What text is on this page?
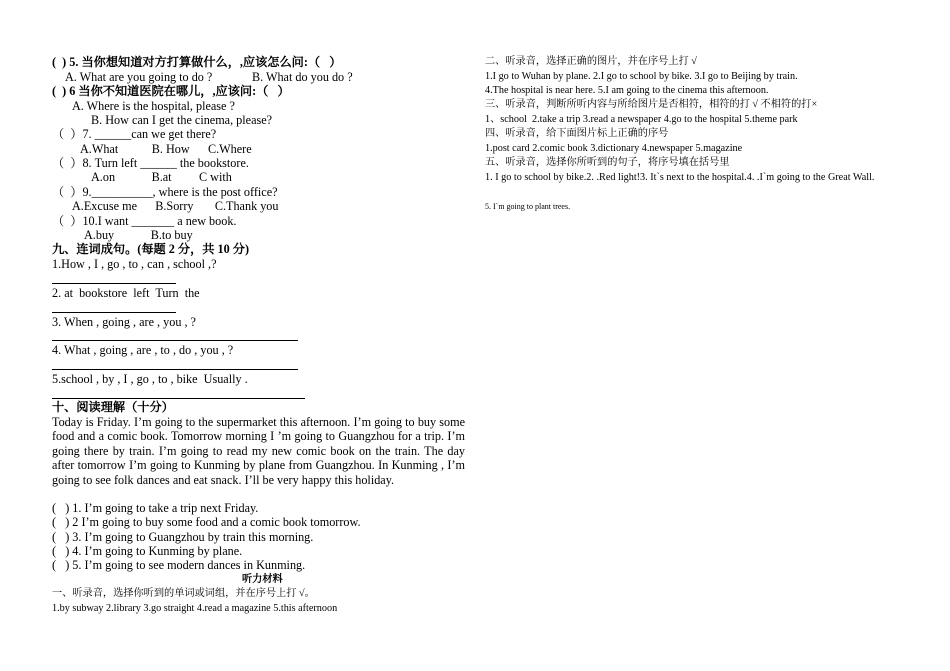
(  ) 5. 当你想知道对方打算做什么，,应该怎么问:（   ）
A. What are you going to do ?             B. What do you do ?
(  ) 6 当你不知道医院在哪儿，,应该问:（   ）
A. Where is the hospital, please ?
B. How can I get the cinema, please?
（  ）7. ______can we get there?
A.What           B. How      C.Where
（  ）8. Turn left ______ the bookstore.
A.on            B.at         C with
（  ）9.__________, where is the post office?
A.Excuse me      B.Sorry       C.Thank you
（  ）10.I want _______ a new book.
A.buy            B.to buy
九、连词成句。(每题 2 分，共 10 分)
1.How , I , go , to , can , school ,?
2. at  bookstore  left  Turn  the
3. When , going , are , you , ?
4. What , going , are , to , do , you , ?
5.school , by , I , go , to , bike  Usually .
十、阅读理解（十分）
Today is Friday. I’m going to the supermarket this afternoon. I’m going to buy some food and a comic book. Tomorrow morning I ’m going to Guangzhou for a trip. I’m going there by train. I’m going to read my new comic book on the train. The day after tomorrow I’m going to Kunming by plane from Guangzhou. In Kunming , I’m going to see folk dances and eat snack. I’ll be very happy this holiday.
(   ) 1. I’m going to take a trip next Friday.
(   ) 2 I’m going to buy some food and a comic book tomorrow.
(   ) 3. I’m going to Guangzhou by train this morning.
(   ) 4. I’m going to Kunming by plane.
(   ) 5. I’m going to see modern dances in Kunming.
听力材料
一、听录音，选择你听到的单词或词组，并在序号上打 √。
1.by subway 2.library 3.go straight 4.read a magazine 5.this afternoon
二、听录音，选择正确的图片，并在序号上打 √
1.I go to Wuhan by plane. 2.I go to school by bike. 3.I go to Beijing by train.
4.The hospital is near here. 5.I am going to the cinema this afternoon.
三、听录音，判断所听内容与所给图片是否相符，相符的打 √ 不相符的打×
1、school  2.take a trip 3.read a newspaper 4.go to the hospital 5.theme park
四、听录音，给下面图片标上正确的序号
1.post card 2.comic book 3.dictionary 4.newspaper 5.magazine
五、听录音，选择你所听到的句子，将序号填在括号里
1. I go to school by bike.2. .Red light!3. It`s next to the hospital.4. .I`m going to the Great Wall.
5. I`m going to plant trees.
